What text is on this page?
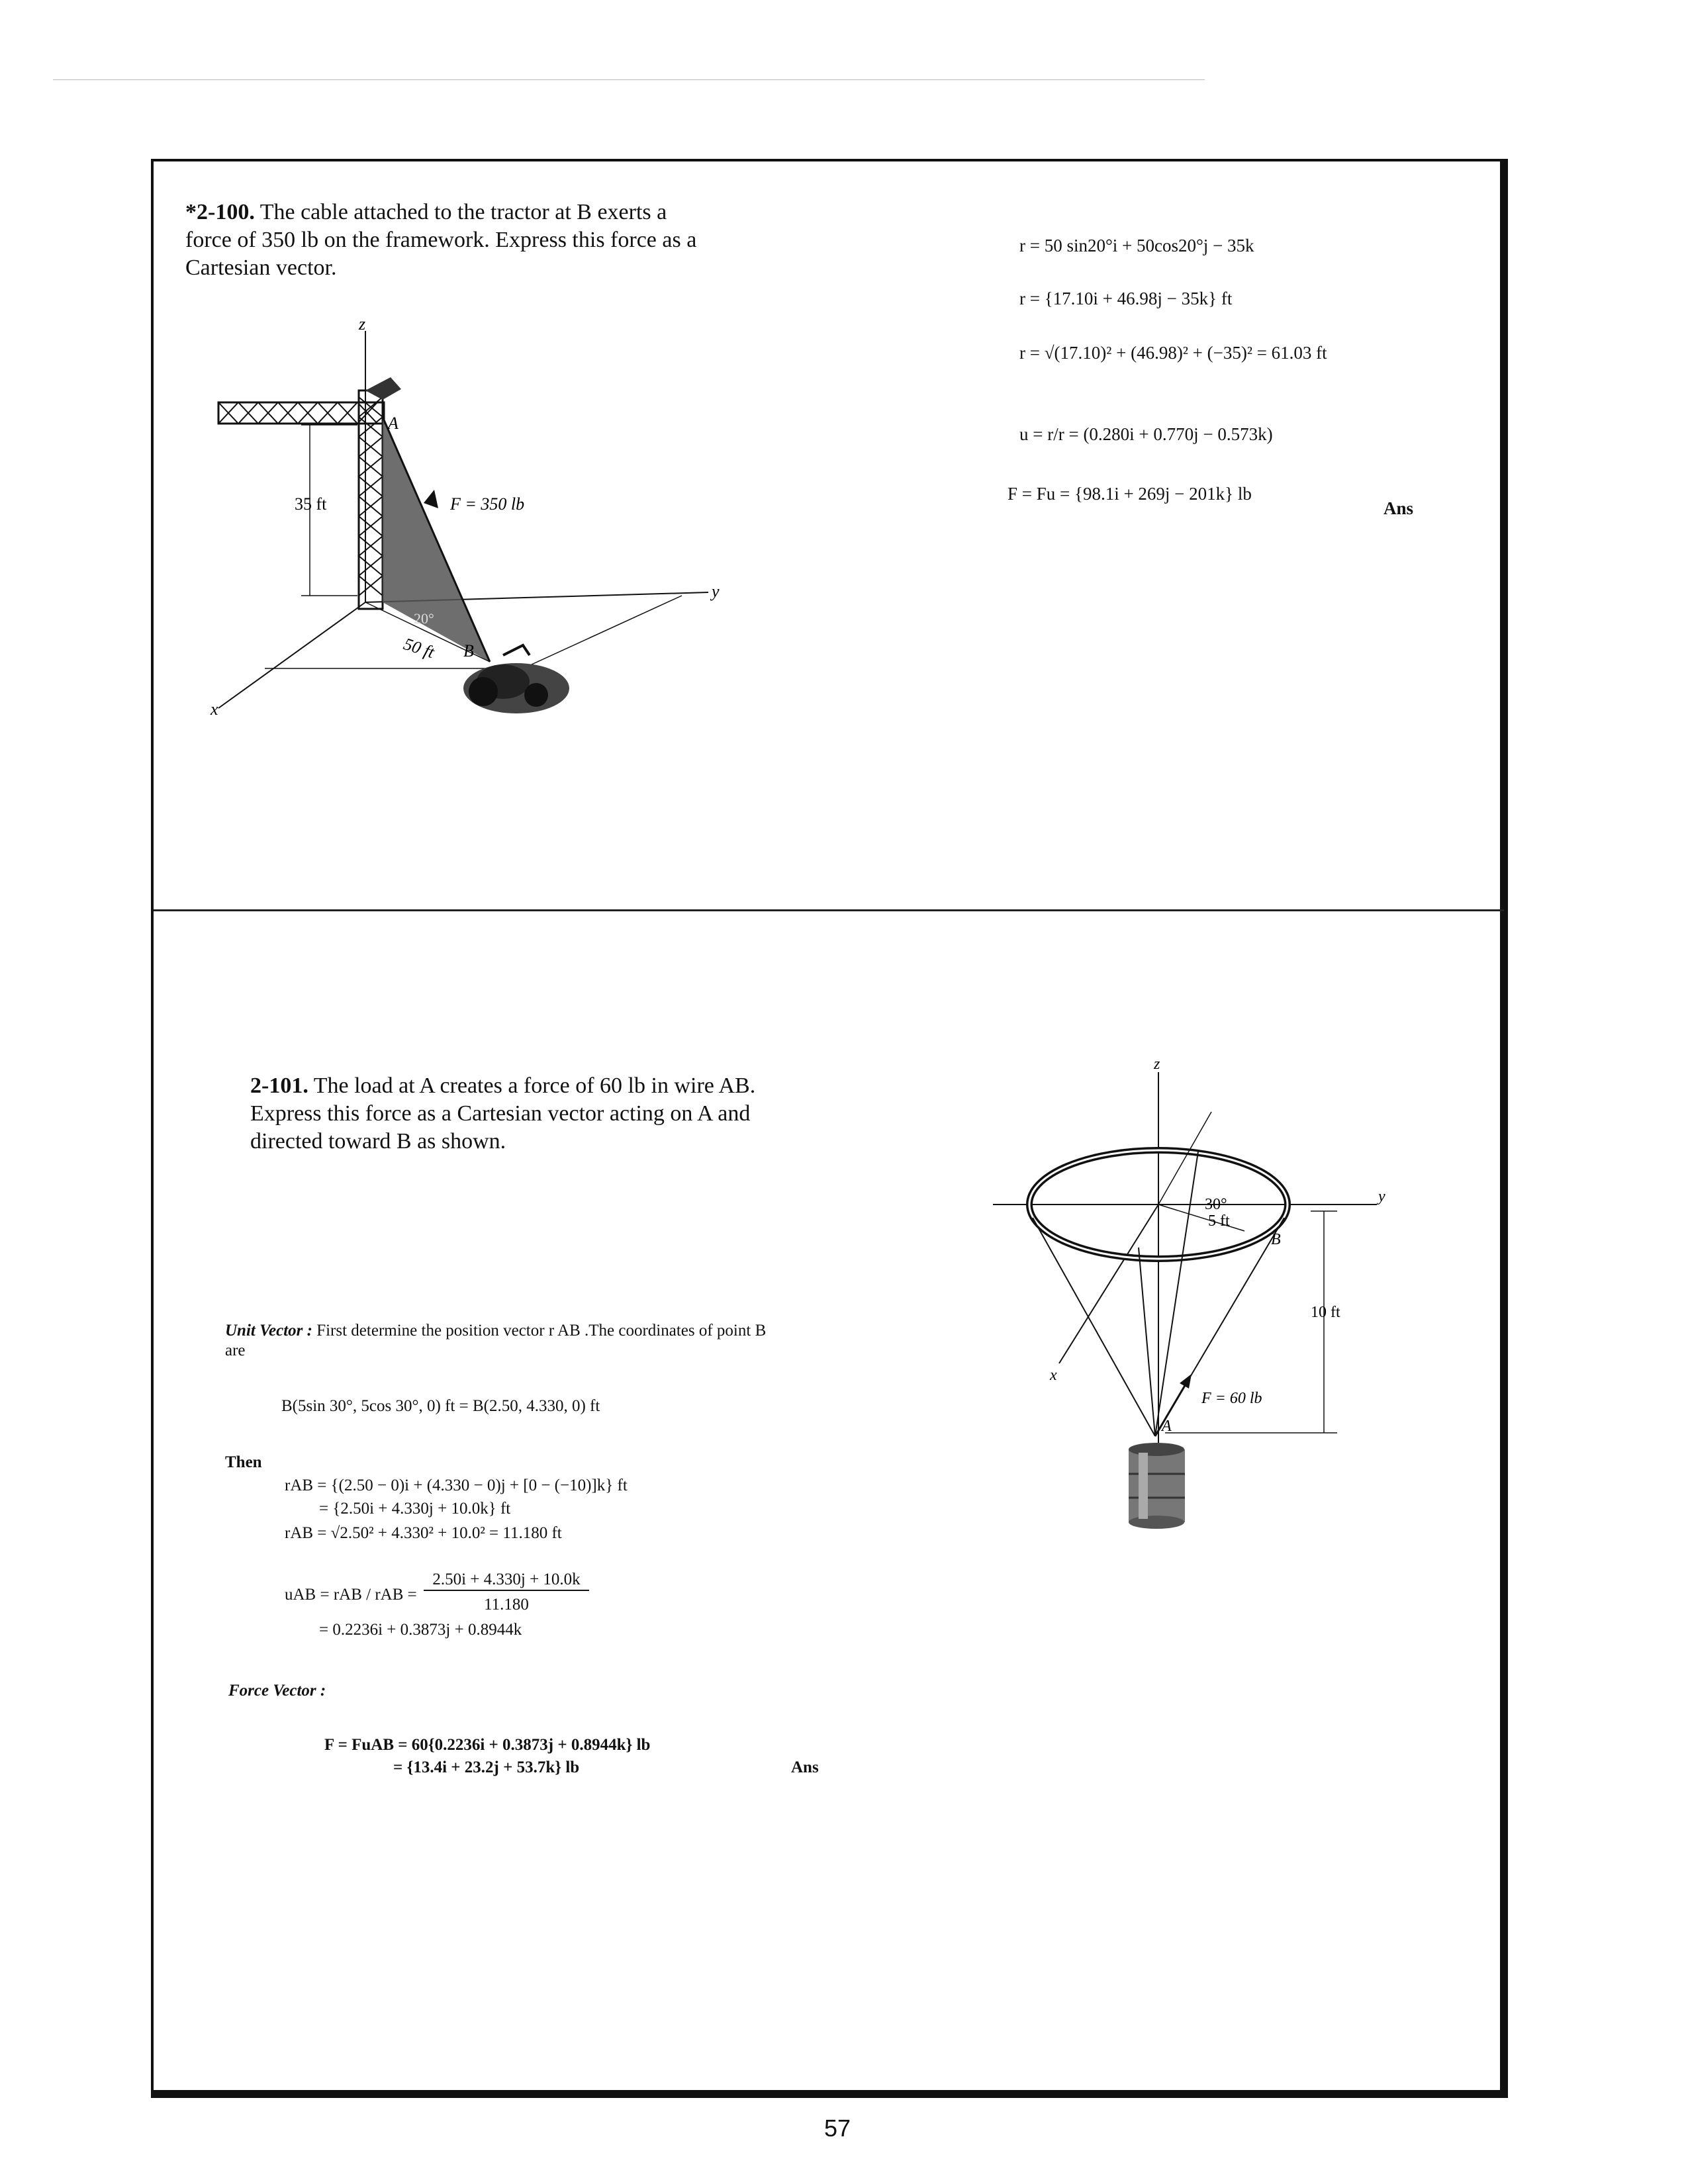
*2-100. The cable attached to the tractor at B exerts a
force of 350 lb on the framework. Express this force as a
Cartesian vector.
z
y
x
50 ft
20°
35 ft	F = 350 lb
A
B
r = 50 sin20°i + 50cos20°j − 35k
r = {17.10i + 46.98j − 35k} ft
r = √(17.10)² + (46.98)² + (−35)² = 61.03 ft
u = r/r = (0.280i + 0.770j − 0.573k)
F = Fu = {98.1i + 269j − 201k} lb
Ans
2-101. The load at A creates a force of 60 lb in wire AB.
Express this force as a Cartesian vector acting on A and
directed toward B as shown.
z
y
x
30°
5 ft
B
10 ft
F = 60 lb
A
Unit Vector : First determine the position vector r AB .The coordinates of point B
are
B(5sin 30°, 5cos 30°, 0) ft = B(2.50, 4.330, 0) ft
Then
rAB = {(2.50 − 0)i + (4.330 − 0)j + [0 − (−10)]k} ft
= {2.50i + 4.330j + 10.0k} ft
rAB = √2.50² + 4.330² + 10.0² = 11.180 ft
uAB = rAB / rAB =
2.50i + 4.330j + 10.0k
11.180
= 0.2236i + 0.3873j + 0.8944k
Force Vector :
F = FuAB = 60{0.2236i + 0.3873j + 0.8944k} lb
= {13.4i + 23.2j + 53.7k} lb	Ans
57
